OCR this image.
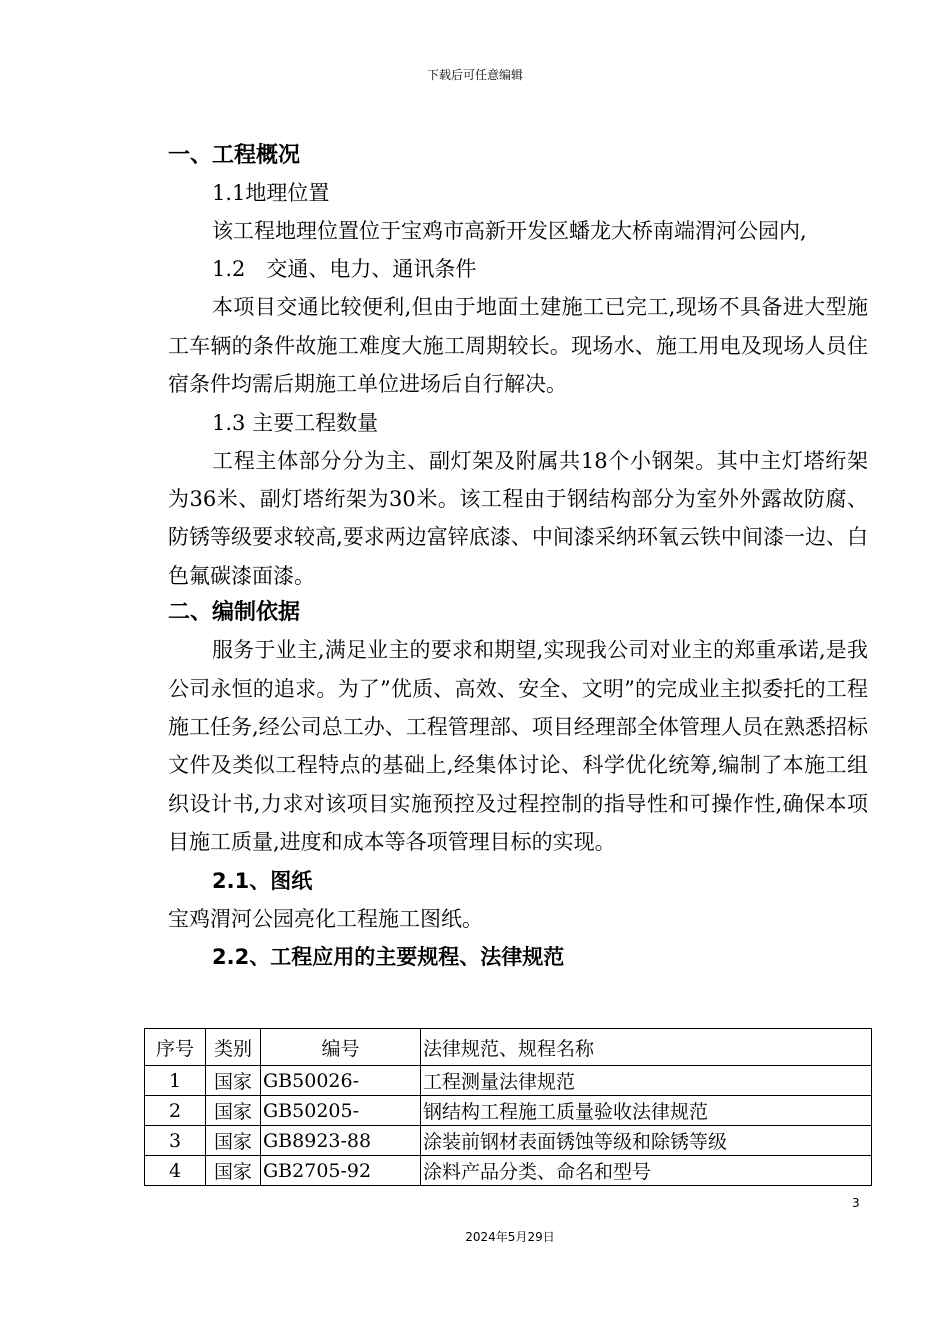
下载后可任意编辑
一、工程概况
1.1地理位置
该工程地理位置位于宝鸡市高新开发区蟠龙大桥南端渭河公园内,
1.2　交通、电力、通讯条件
本项目交通比较便利,但由于地面土建施工已完工,现场不具备进大型施工车辆的条件故施工难度大施工周期较长。现场水、施工用电及现场人员住宿条件均需后期施工单位进场后自行解决。
1.3 主要工程数量
工程主体部分分为主、副灯架及附属共18个小钢架。其中主灯塔绗架为36米、副灯塔绗架为30米。该工程由于钢结构部分为室外外露故防腐、防锈等级要求较高,要求两边富锌底漆、中间漆采纳环氧云铁中间漆一边、白色氟碳漆面漆。
二、编制依据
服务于业主,满足业主的要求和期望,实现我公司对业主的郑重承诺,是我公司永恒的追求。为了”优质、高效、安全、文明”的完成业主拟委托的工程施工任务,经公司总工办、工程管理部、项目经理部全体管理人员在熟悉招标文件及类似工程特点的基础上,经集体讨论、科学优化统筹,编制了本施工组织设计书,力求对该项目实施预控及过程控制的指导性和可操作性,确保本项目施工质量,进度和成本等各项管理目标的实现。
2.1、图纸
宝鸡渭河公园亮化工程施工图纸。
2.2、工程应用的主要规程、法律规范
序号	类别	编号	法律规范、规程名称
1	国家	GB50026-	工程测量法律规范
2	国家	GB50205-	钢结构工程施工质量验收法律规范
3	国家	GB8923-88	涂装前钢材表面锈蚀等级和除锈等级
4	国家	GB2705-92	涂料产品分类、命名和型号
3
2024年5月29日
